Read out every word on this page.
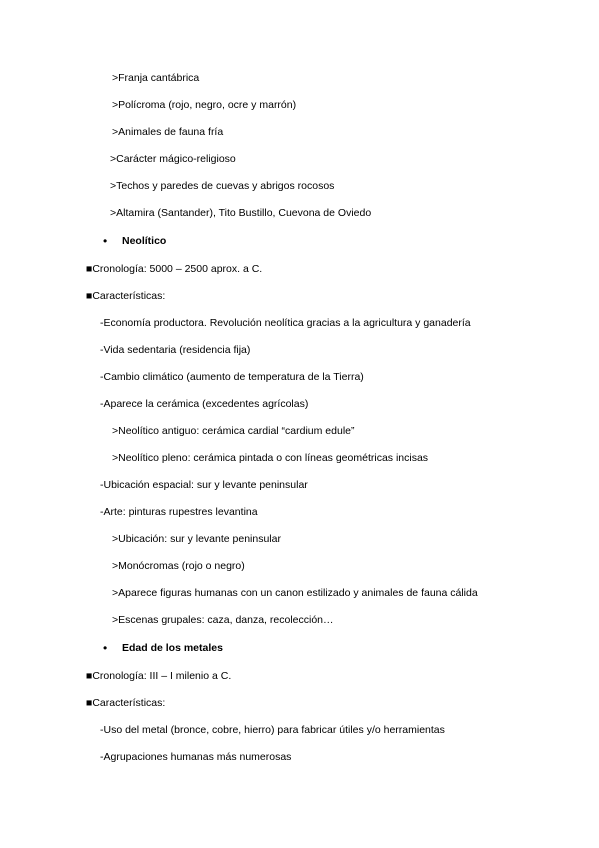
>Franja cantábrica
>Polícroma (rojo, negro, ocre y marrón)
>Animales de fauna fría
>Carácter mágico-religioso
>Techos y paredes de cuevas y abrigos rocosos
>Altamira (Santander), Tito Bustillo, Cuevona de Oviedo
• Neolítico
■Cronología: 5000 – 2500 aprox. a C.
■Características:
-Economía productora. Revolución neolítica gracias a la agricultura y ganadería
-Vida sedentaria (residencia fija)
-Cambio climático (aumento de temperatura de la Tierra)
-Aparece la cerámica (excedentes agrícolas)
>Neolítico antiguo: cerámica cardial “cardium edule”
>Neolítico pleno: cerámica pintada o con líneas geométricas incisas
-Ubicación espacial: sur y levante peninsular
-Arte: pinturas rupestres levantina
>Ubicación: sur y levante peninsular
>Monócromas (rojo o negro)
>Aparece figuras humanas con un canon estilizado y animales de fauna cálida
>Escenas grupales: caza, danza, recolección…
• Edad de los metales
■Cronología: III – I milenio a C.
■Características:
-Uso del metal (bronce, cobre, hierro) para fabricar útiles y/o herramientas
-Agrupaciones humanas más numerosas
